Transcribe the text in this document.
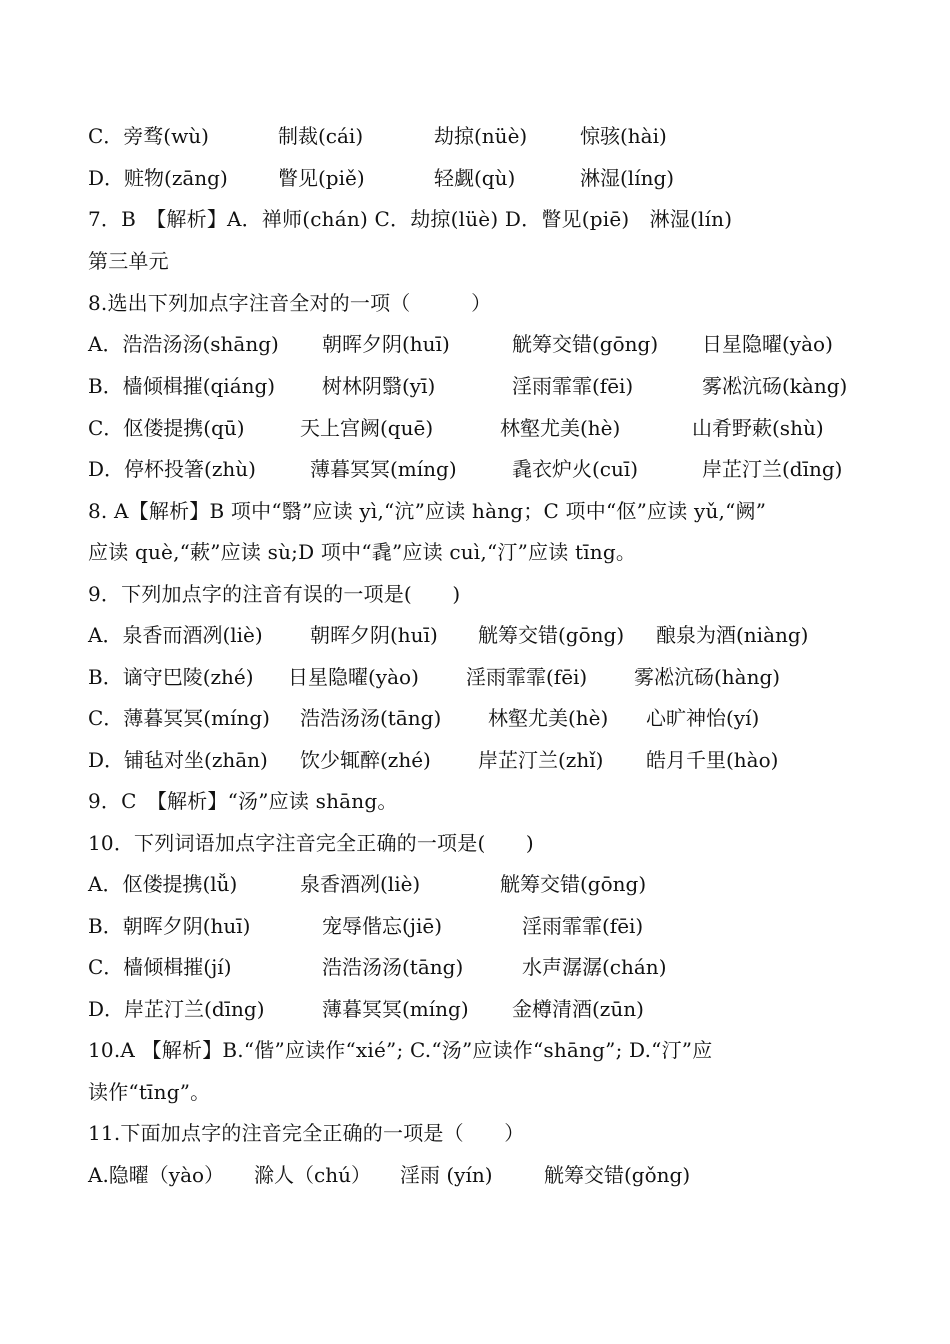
C．旁骛(wù)	制裁(cái)	劫掠(nüè)	惊骇(hài)
D．赃物(zāng)	瞥见(piě)	轻觑(qù)	淋湿(líng)
7．B　【解析】A．禅师(chán) C．劫掠(lüè) D．瞥见(piē)　淋湿(lín)
第三单元
8.选出下列加点字注音全对的一项（　　　）
A．浩浩汤汤(shāng) 朝晖夕阴(huī)	觥筹交错(gōng) 日星隐曜(yào)
B．樯倾楫摧(qiáng) 树林阴翳(yī)	淫雨霏霏(fēi)	雾凇沆砀(kàng)
C．伛偻提携(qū)	天上宫阙(quē)	林壑尤美(hè)	山肴野蔌(shù)
D．停杯投箸(zhù)	薄暮冥冥(míng)	毳衣炉火(cuī)	岸芷汀兰(dīng)
8. A【解析】B 项中“翳”应读 yì,“沆”应读 hàng；C 项中“伛”应读 yǔ,“阙”
应读 què,“蔌”应读 sù;D 项中“毳”应读 cuì,“汀”应读 tīng。
9．下列加点字的注音有误的一项是(　　)
A．泉香而酒冽(liè) 朝晖夕阴(huī) 觥筹交错(gōng) 酿泉为酒(niàng)
B．谪守巴陵(zhé) 日星隐曜(yào) 淫雨霏霏(fēi) 雾凇沆砀(hàng)
C．薄暮冥冥(míng) 浩浩汤汤(tāng) 林壑尤美(hè) 心旷神怡(yí)
D．铺毡对坐(zhān) 饮少辄醉(zhé) 岸芷汀兰(zhǐ) 皓月千里(hào)
9．C　【解析】“汤”应读 shāng。
10．下列词语加点字注音完全正确的一项是(　　)
A．伛偻提携(lǚ)	泉香酒冽(liè)	觥筹交错(gōng)
B．朝晖夕阴(huī)	宠辱偕忘(jiē)	淫雨霏霏(fēi)
C．樯倾楫摧(jí)	浩浩汤汤(tāng)	水声潺潺(chán)
D．岸芷汀兰(dīng)	薄暮冥冥(míng) 金樽清酒(zūn)
10.A 【解析】B.“偕”应读作“xié”; C.“汤”应读作“shāng”; D.“汀”应
读作“tīng”。
11.下面加点字的注音完全正确的一项是（　　）
A.隐曜（yào） 滁人（chú） 淫雨 (yín)	觥筹交错(gǒng)
